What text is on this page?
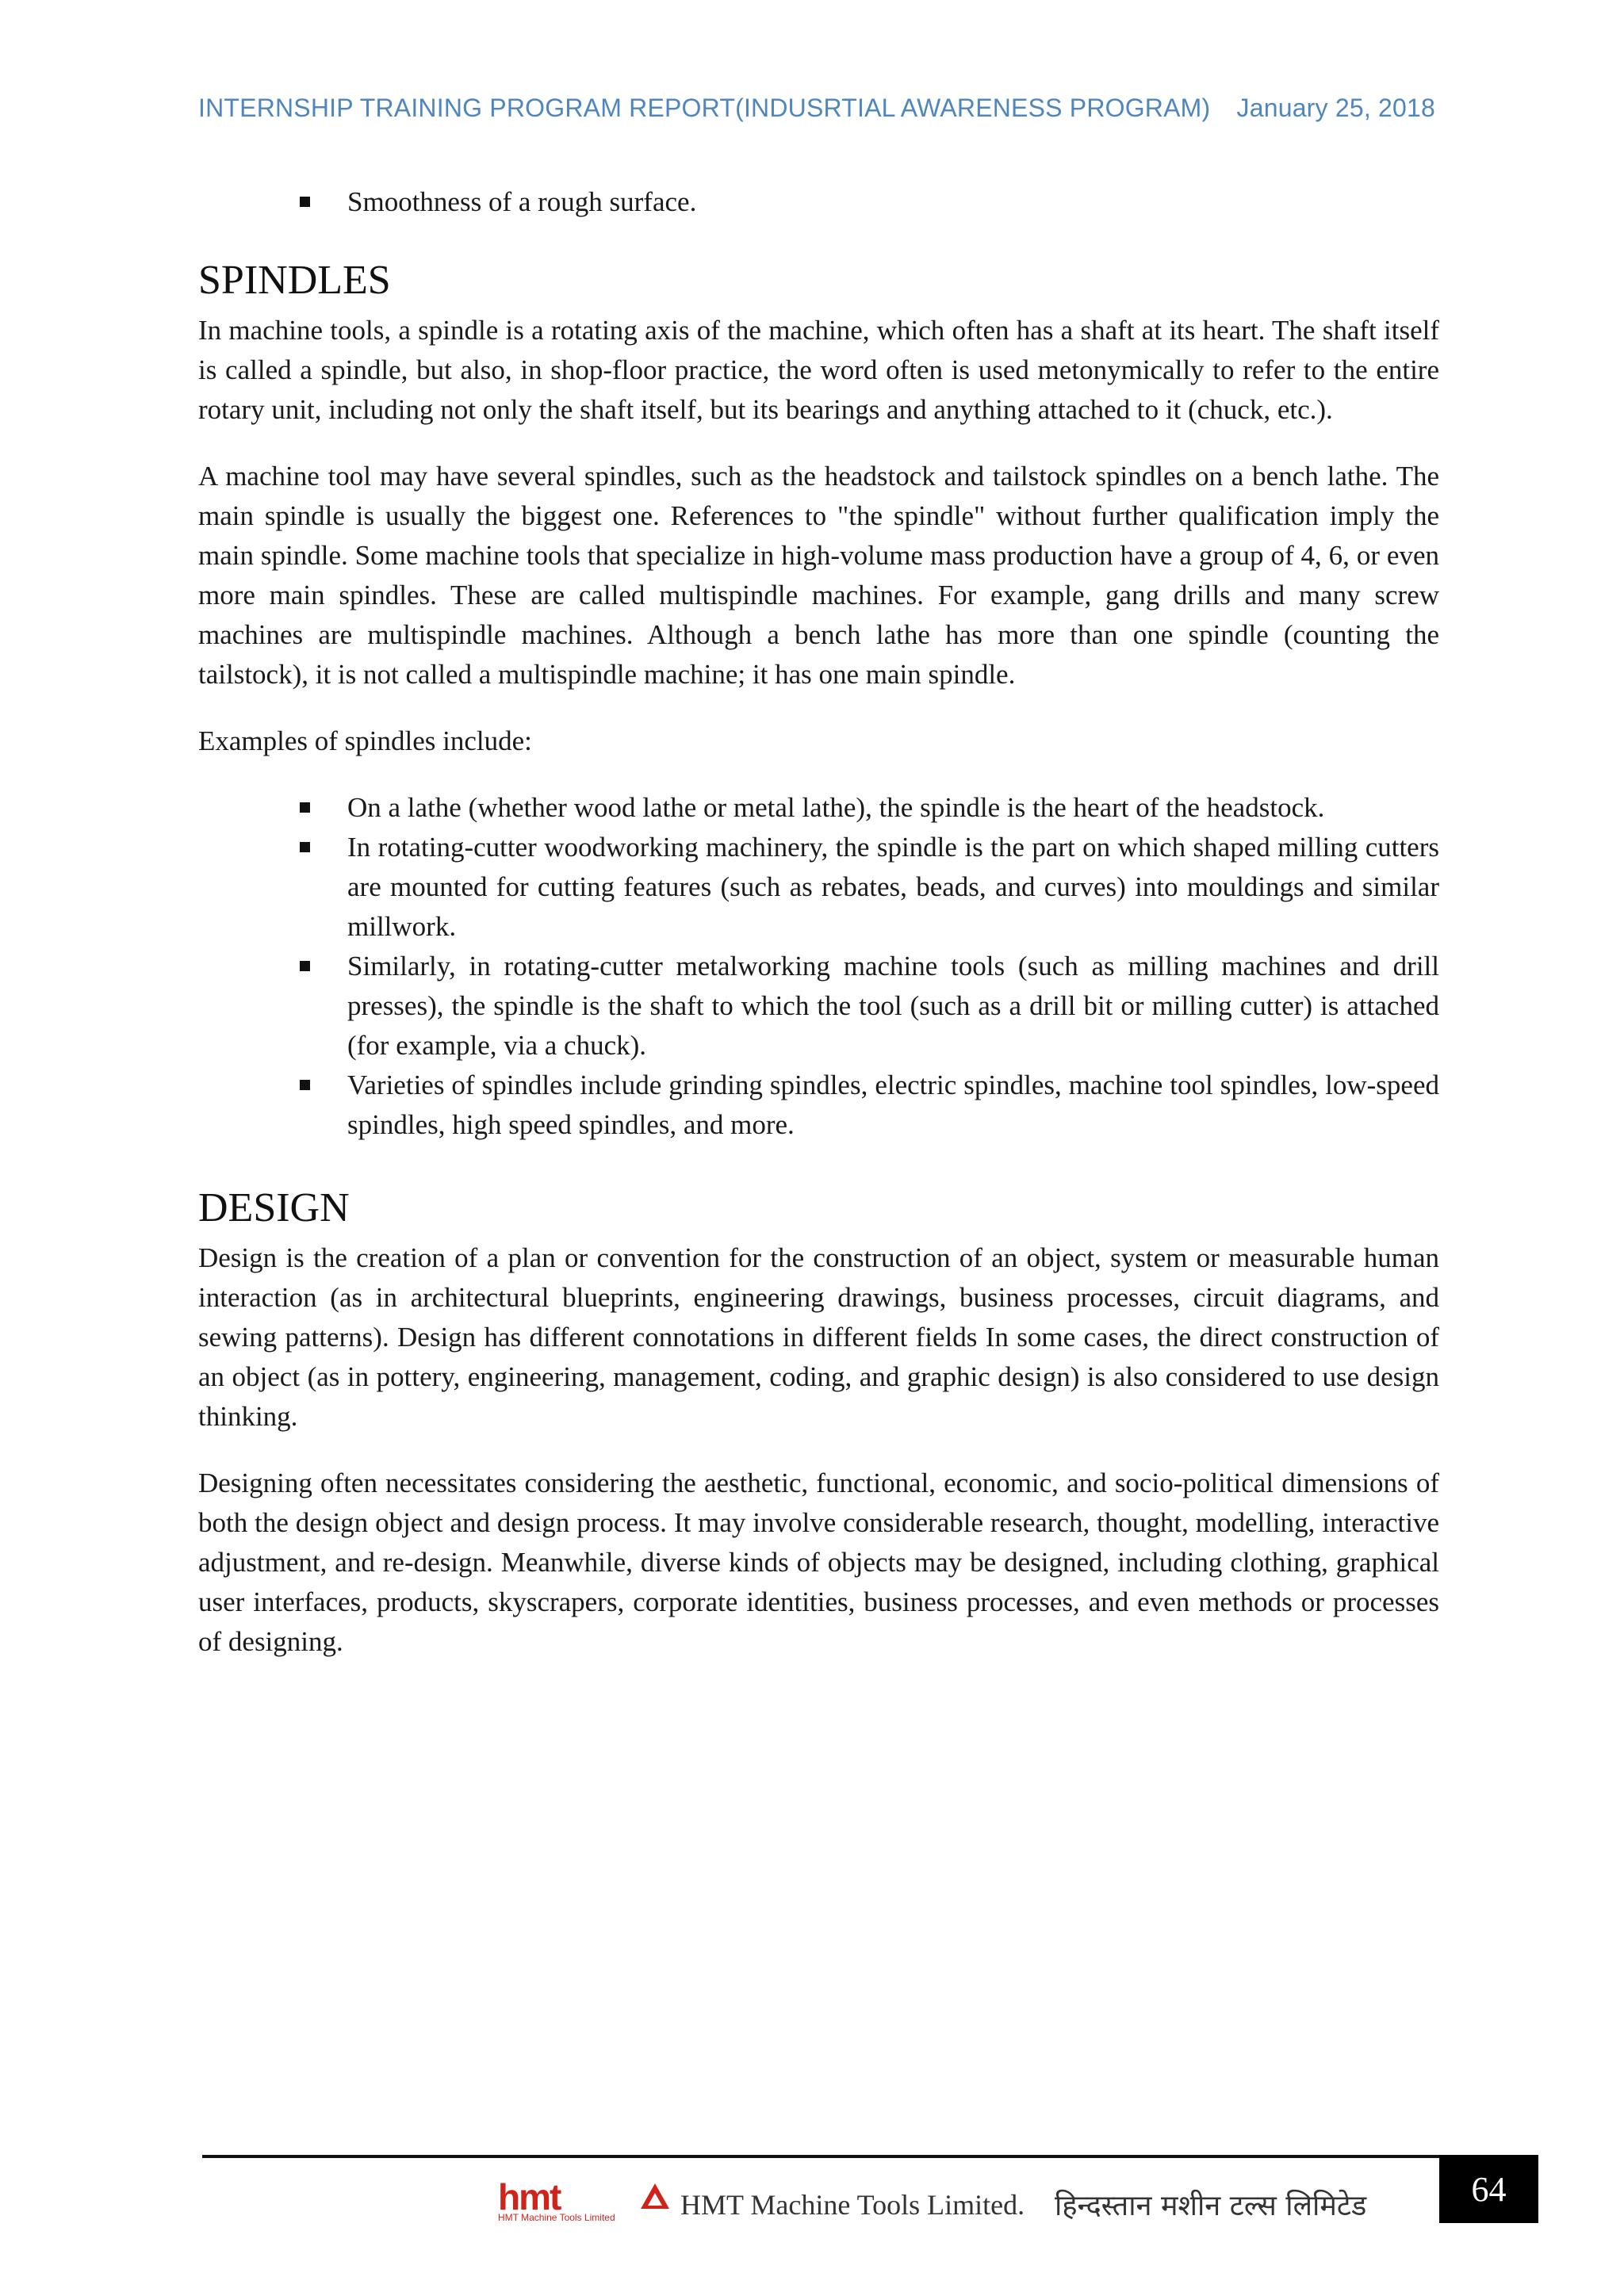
INTERNSHIP TRAINING PROGRAM REPORT(INDUSRTIAL AWARENESS PROGRAM) January 25, 2018
Smoothness of a rough surface.
SPINDLES

In machine tools, a spindle is a rotating axis of the machine, which often has a shaft at its heart. The shaft itself is called a spindle, but also, in shop-floor practice, the word often is used metonymically to refer to the entire rotary unit, including not only the shaft itself, but its bearings and anything attached to it (chuck, etc.).

A machine tool may have several spindles, such as the headstock and tailstock spindles on a bench lathe. The main spindle is usually the biggest one. References to "the spindle" without further qualification imply the main spindle. Some machine tools that specialize in high-volume mass production have a group of 4, 6, or even more main spindles. These are called multispindle machines. For example, gang drills and many screw machines are multispindle machines. Although a bench lathe has more than one spindle (counting the tailstock), it is not called a multispindle machine; it has one main spindle.

Examples of spindles include:

On a lathe (whether wood lathe or metal lathe), the spindle is the heart of the headstock.
In rotating-cutter woodworking machinery, the spindle is the part on which shaped milling cutters are mounted for cutting features (such as rebates, beads, and curves) into mouldings and similar millwork.
Similarly, in rotating-cutter metalworking machine tools (such as milling machines and drill presses), the spindle is the shaft to which the tool (such as a drill bit or milling cutter) is attached (for example, via a chuck).
Varieties of spindles include grinding spindles, electric spindles, machine tool spindles, low-speed spindles, high speed spindles, and more.
DESIGN

Design is the creation of a plan or convention for the construction of an object, system or measurable human interaction (as in architectural blueprints, engineering drawings, business processes, circuit diagrams, and sewing patterns). Design has different connotations in different fields In some cases, the direct construction of an object (as in pottery, engineering, management, coding, and graphic design) is also considered to use design thinking.

Designing often necessitates considering the aesthetic, functional, economic, and socio-political dimensions of both the design object and design process. It may involve considerable research, thought, modelling, interactive adjustment, and re-design. Meanwhile, diverse kinds of objects may be designed, including clothing, graphical user interfaces, products, skyscrapers, corporate identities, business processes, and even methods or processes of designing.

hmt
HMT Machine Tools Limited HMT Machine Tools Limited. हिन्दस्तान मशीन टल्स लिमिटेड	64
